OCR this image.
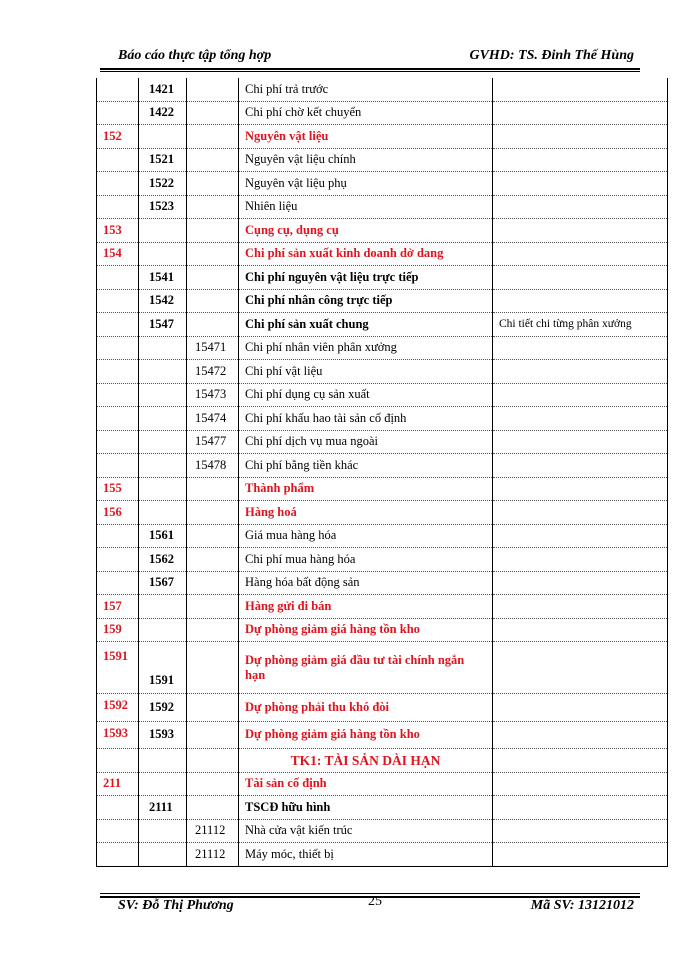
Báo cáo thực tập tổng hợp	GVHD: TS. Đinh Thế Hùng
	1421		Chi phí trả trước	
	1422		Chi phí chờ kết chuyển	
152			Nguyên vật liệu	
	1521		Nguyên vật liệu chính	
	1522		Nguyên vật liệu phụ	
	1523		Nhiên liệu	
153			Cụng cụ, dụng cụ	
154			Chi phí sản xuất kinh doanh dở dang	
	1541		Chi phí nguyên vật liệu trực tiếp	
	1542		Chi phí nhân công trực tiếp	
	1547		Chi phí sản xuất chung	Chi tiết chi từng phân xưởng
		15471	Chi phí nhân viên phân xưởng	
		15472	Chi phí vật liệu	
		15473	Chi phí dụng cụ sản xuất	
		15474	Chi phí khấu hao tài sản cố định	
		15477	Chi phí dịch vụ mua ngoài	
		15478	Chi phí bằng tiền khác	
155			Thành phẩm	
156			Hàng hoá	
	1561		Giá mua hàng hóa	
	1562		Chi phí mua hàng hóa	
	1567		Hàng hóa bất động sản	
157			Hàng gửi đi bán	
159			Dự phòng giảm giá hàng tồn kho	
1591	1591		Dự phòng giảm giá đầu tư tài chính ngắn hạn	
1592	1592		Dự phòng phải thu khó đòi	
1593	1593		Dự phòng giảm giá hàng tồn kho	
			TK1: TÀI SẢN DÀI HẠN	
211			Tài sản cố định	
	2111		TSCĐ hữu hình	
		21112	Nhà cửa vật kiến trúc	
		21112	Máy móc, thiết bị	
SV: Đỗ Thị Phương	25	Mã SV: 13121012
